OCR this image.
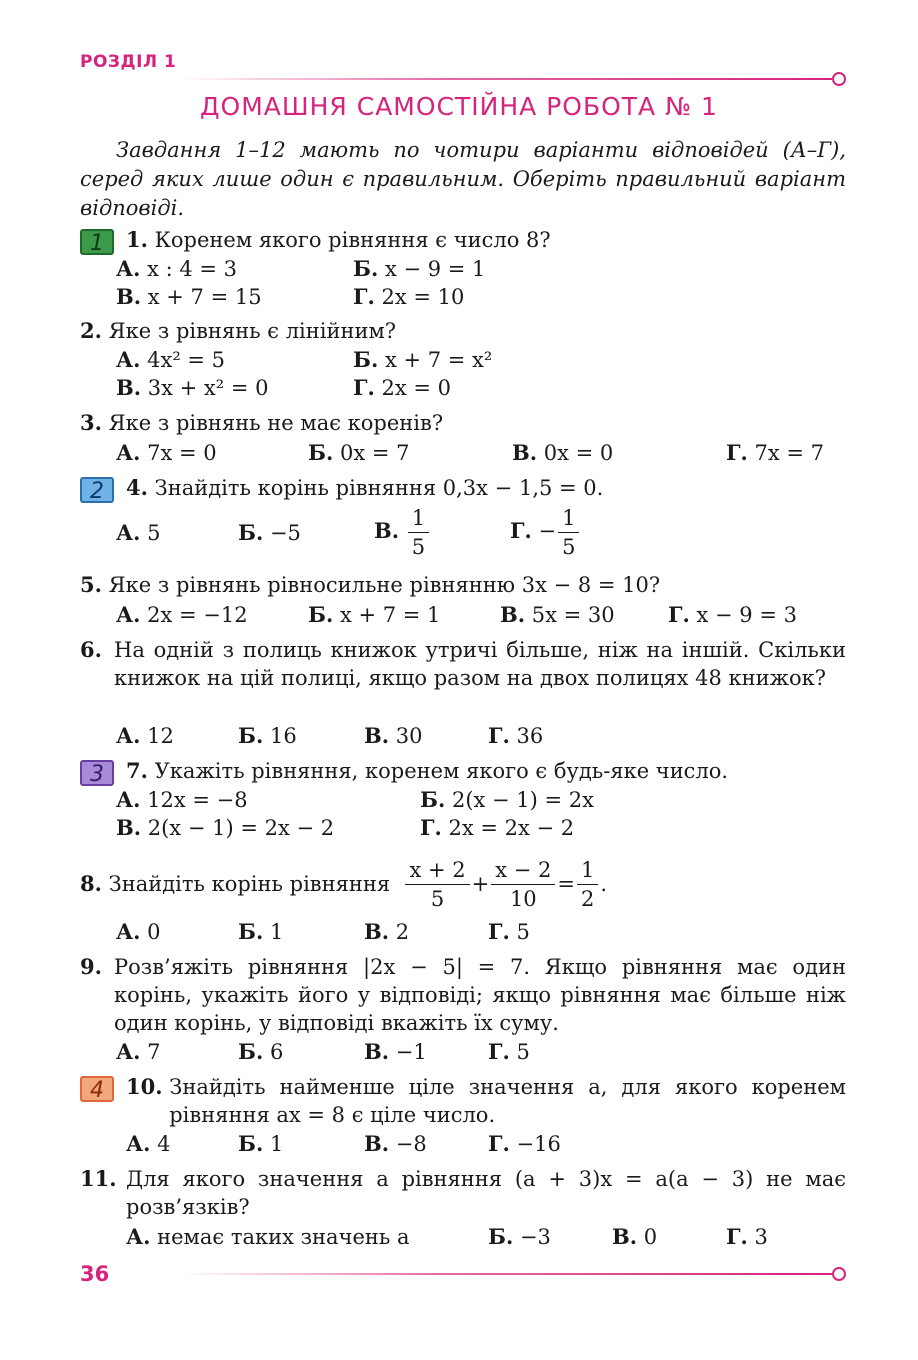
РОЗДІЛ 1
ДОМАШНЯ САМОСТІЙНА РОБОТА № 1

Завдання 1–12 мають по чотири варіанти відповідей (А–Г), серед яких лише один є правильним. Оберіть правильний варіант відповіді.

1	1. Коренем якого рівняння є число 8?
А. x : 4 = 3	Б. x − 9 = 1
В. x + 7 = 15	Г. 2x = 10
2. Яке з рівнянь є лінійним?
А. 4x² = 5	Б. x + 7 = x²
В. 3x + x² = 0	Г. 2x = 0
3. Яке з рівнянь не має коренів?
А. 7x = 0	Б. 0x = 7	В. 0x = 0	Г. 7x = 7
2	4. Знайдіть корінь рівняння 0,3x − 1,5 = 0.
А. 5	Б. −5	В. $\frac{1}{5}$	Г. − $\frac{1}{5}$
5. Яке з рівнянь рівносильне рівнянню 3x − 8 = 10?
А. 2x = −12	Б. x + 7 = 1	В. 5x = 30	Г. x − 9 = 3
6. На одній з полиць книжок утричі більше, ніж на іншій. Скільки книжок на цій полиці, якщо разом на двох полицях 48 книжок?
А. 12	Б. 16	В. 30	Г. 36
3	7. Укажіть рівняння, коренем якого є будь-яке число.
А. 12x = −8	Б. 2(x − 1) = 2x
В. 2(x − 1) = 2x − 2	Г. 2x = 2x − 2
8.
Знайдіть корінь рівняння
$\frac{x + 2}{5} + \frac{x - 2}{10} = \frac{1}{2}$ .
А. 0	Б. 1	В. 2	Г. 5
9. Розв’яжіть рівняння |2x − 5| = 7. Якщо рівняння має один корінь, укажіть його у відповіді; якщо рівняння має більше ніж один корінь, у відповіді вкажіть їх суму.
А. 7	Б. 6	В. −1	Г. 5
4	10.
Знайдіть найменше ціле значення a, для якого коренем рівняння ax = 8 є ціле число.
А. 4	Б. 1	В. −8	Г. −16
11. Для якого значення a рівняння (a + 3)x = a(a − 3) не має розв’язків?
А. немає таких значень a	Б. −3	В. 0	Г. 3
36
